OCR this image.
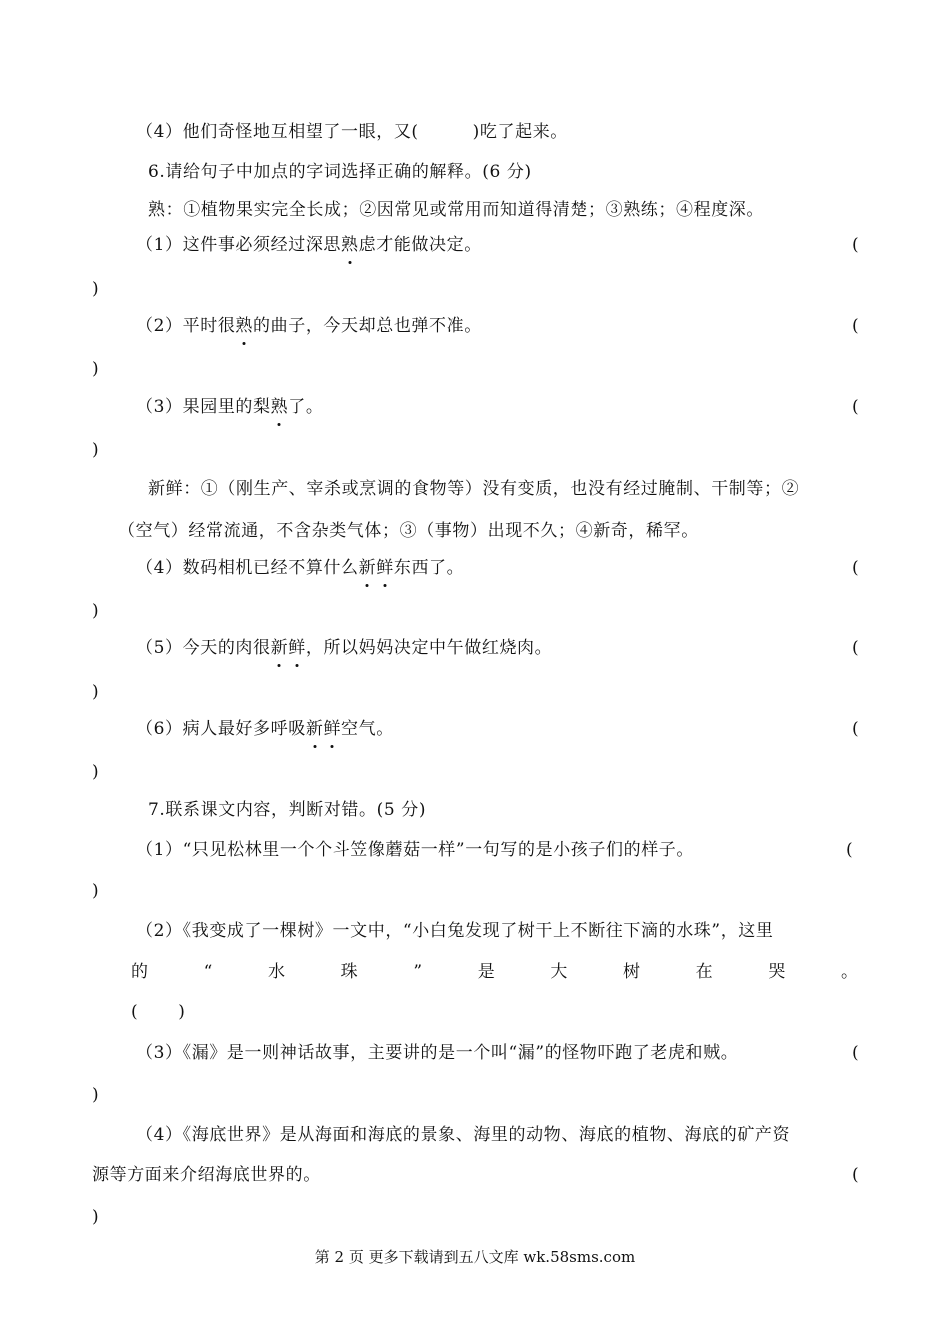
（4）他们奇怪地互相望了一眼，又(	)吃了起来。
6.请给句子中加点的字词选择正确的解释。(6 分)
熟：①植物果实完全长成；②因常见或常用而知道得清楚；③熟练；④程度深。
（1）这件事必须经过深思熟虑才能做决定。	(
)
（2）平时很熟的曲子，今天却总也弹不准。	(
)
（3）果园里的梨熟了。	(
)
新鲜：①（刚生产、宰杀或烹调的食物等）没有变质，也没有经过腌制、干制等；②
（空气）经常流通，不含杂类气体；③（事物）出现不久；④新奇，稀罕。
（4）数码相机已经不算什么新鲜东西了。	(
)
（5）今天的肉很新鲜，所以妈妈决定中午做红烧肉。	(
)
（6）病人最好多呼吸新鲜空气。	(
)
7.联系课文内容，判断对错。(5 分)
（1）“只见松林里一个个斗笠像蘑菇一样”一句写的是小孩子们的样子。	(
)
（2）《我变成了一棵树》一文中，“小白兔发现了树干上不断往下滴的水珠”，这里
的	“	水	珠	”	是	大	树	在	哭	。
( )
（3）《漏》是一则神话故事，主要讲的是一个叫“漏”的怪物吓跑了老虎和贼。	(
)
（4）《海底世界》是从海面和海底的景象、海里的动物、海底的植物、海底的矿产资
源等方面来介绍海底世界的。	(
)
第 2 页 更多下载请到五八文库 wk.58sms.com
